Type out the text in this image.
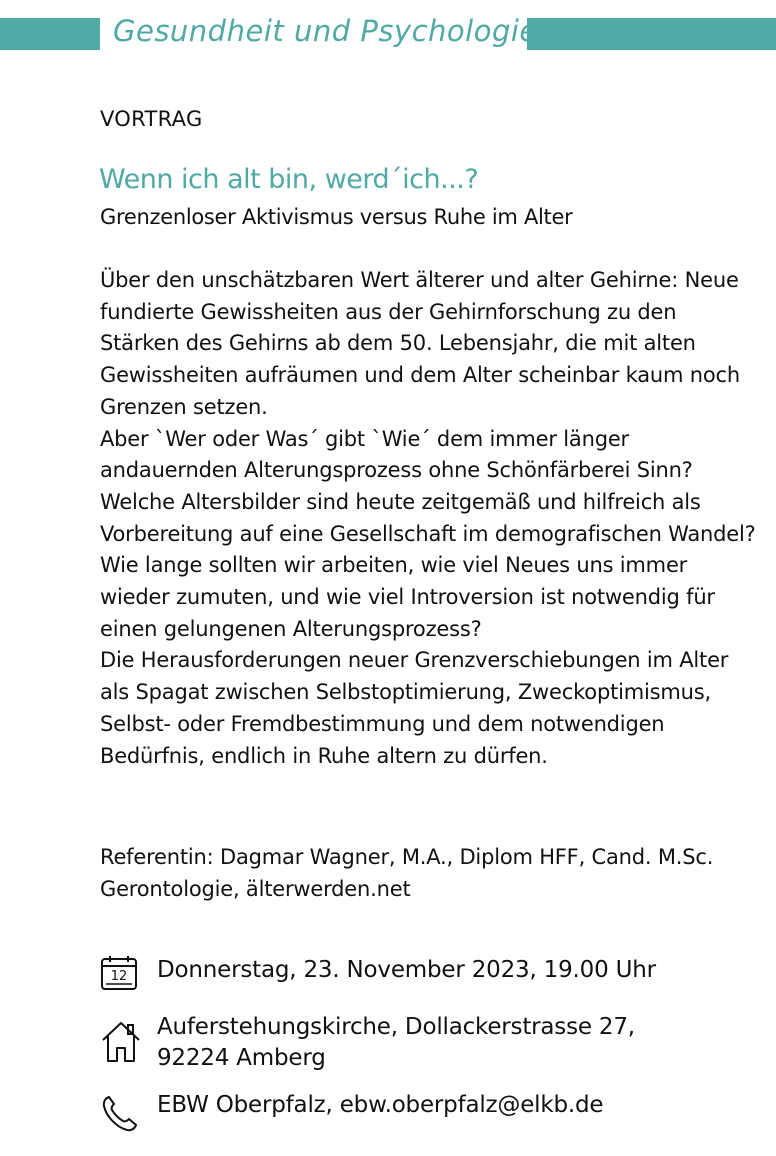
Gesundheit und Psychologie
VORTRAG
Wenn ich alt bin, werd´ich...?
Grenzenloser Aktivismus versus Ruhe im Alter

Über den unschätzbaren Wert älterer und alter Gehirne: Neue fundierte Gewissheiten aus der Gehirnforschung zu den Stärken des Gehirns ab dem 50. Lebensjahr, die mit alten Gewissheiten aufräumen und dem Alter scheinbar kaum noch Grenzen setzen.

Aber `Wer oder Was´ gibt `Wie´ dem immer länger andauernden Alterungsprozess ohne Schönfärberei Sinn?

Welche Altersbilder sind heute zeitgemäß und hilfreich als Vorbereitung auf eine Gesellschaft im demografischen Wandel?

Wie lange sollten wir arbeiten, wie viel Neues uns immer wieder zumuten, und wie viel Introversion ist notwendig für einen gelungenen Alterungsprozess?

Die Herausforderungen neuer Grenzverschiebungen im Alter als Spagat zwischen Selbstoptimierung, Zweckoptimismus, Selbst- oder Fremdbestimmung und dem notwendigen Bedürfnis, endlich in Ruhe altern zu dürfen.

Referentin: Dagmar Wagner, M.A., Diplom HFF, Cand. M.Sc. Gerontologie, älterwerden.net
12 Donnerstag, 23. November 2023, 19.00 Uhr
Auferstehungskirche, Dollackerstrasse 27,
92224 Amberg
EBW Oberpfalz, ebw.oberpfalz@elkb.de
